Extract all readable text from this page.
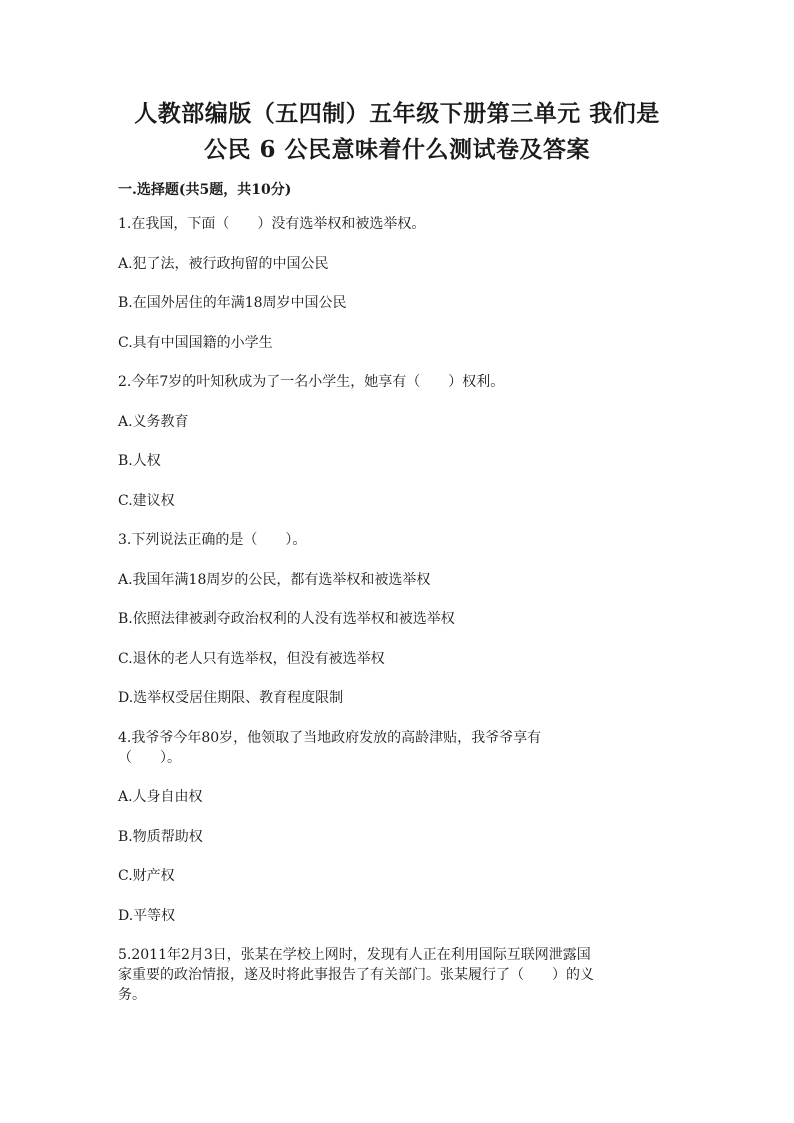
人教部编版（五四制）五年级下册第三单元 我们是
公民 6 公民意味着什么测试卷及答案
一.选择题(共5题，共10分)
1.在我国，下面（　　）没有选举权和被选举权。
A.犯了法，被行政拘留的中国公民
B.在国外居住的年满18周岁中国公民
C.具有中国国籍的小学生
2.今年7岁的叶知秋成为了一名小学生，她享有（　　）权利。
A.义务教育
B.人权
C.建议权
3.下列说法正确的是（　　）。
A.我国年满18周岁的公民，都有选举权和被选举权
B.依照法律被剥夺政治权利的人没有选举权和被选举权
C.退休的老人只有选举权，但没有被选举权
D.选举权受居住期限、教育程度限制
4.我爷爷今年80岁，他领取了当地政府发放的高龄津贴，我爷爷享有
（　　）。
A.人身自由权
B.物质帮助权
C.财产权
D.平等权
5.2011年2月3日，张某在学校上网时，发现有人正在利用国际互联网泄露国
家重要的政治情报，遂及时将此事报告了有关部门。张某履行了（　　）的义
务。
